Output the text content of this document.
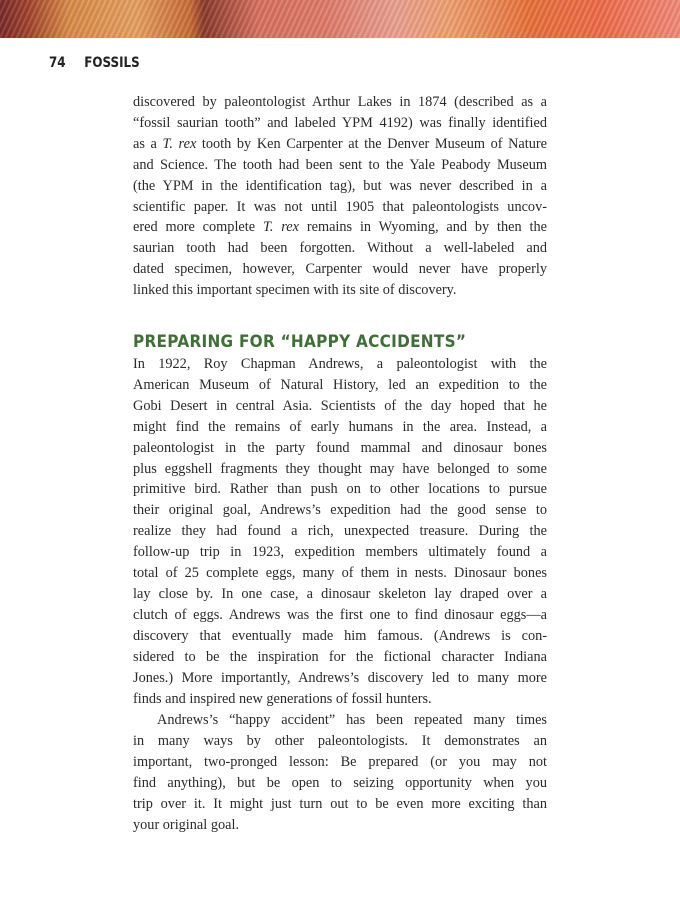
74 FOSSILS
discovered by paleontologist Arthur Lakes in 1874 (described as a
“fossil saurian tooth” and labeled YPM 4192) was finally identified
as a T. rex tooth by Ken Carpenter at the Denver Museum of Nature
and Science. The tooth had been sent to the Yale Peabody Museum
(the YPM in the identification tag), but was never described in a
scientific paper. It was not until 1905 that paleontologists uncov-
ered more complete T. rex remains in Wyoming, and by then the
saurian tooth had been forgotten. Without a well-labeled and
dated specimen, however, Carpenter would never have properly
linked this important specimen with its site of discovery.
PREPARING FOR “HAPPY ACCIDENTS”
In 1922, Roy Chapman Andrews, a paleontologist with the
American Museum of Natural History, led an expedition to the
Gobi Desert in central Asia. Scientists of the day hoped that he
might find the remains of early humans in the area. Instead, a
paleontologist in the party found mammal and dinosaur bones
plus eggshell fragments they thought may have belonged to some
primitive bird. Rather than push on to other locations to pursue
their original goal, Andrews’s expedition had the good sense to
realize they had found a rich, unexpected treasure. During the
follow-up trip in 1923, expedition members ultimately found a
total of 25 complete eggs, many of them in nests. Dinosaur bones
lay close by. In one case, a dinosaur skeleton lay draped over a
clutch of eggs. Andrews was the first one to find dinosaur eggs—a
discovery that eventually made him famous. (Andrews is con-
sidered to be the inspiration for the fictional character Indiana
Jones.) More importantly, Andrews’s discovery led to many more
finds and inspired new generations of fossil hunters.
Andrews’s “happy accident” has been repeated many times
in many ways by other paleontologists. It demonstrates an
important, two-pronged lesson: Be prepared (or you may not
find anything), but be open to seizing opportunity when you
trip over it. It might just turn out to be even more exciting than
your original goal.
